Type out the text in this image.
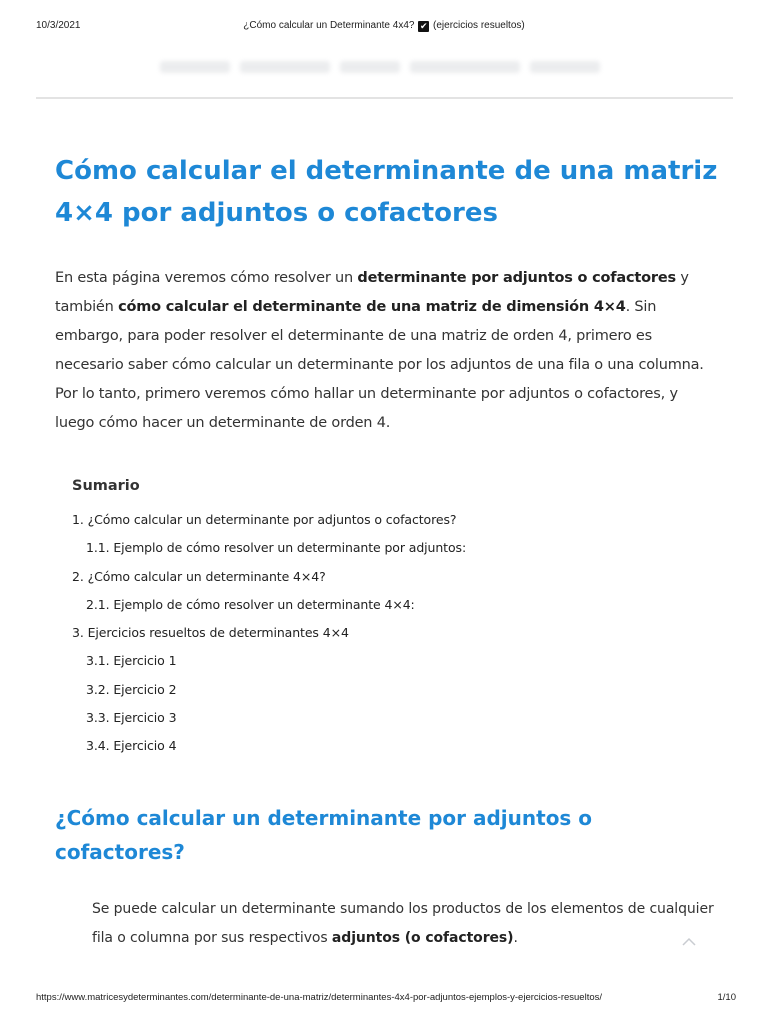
10/3/2021	¿Cómo calcular un Determinante 4x4? ✔ (ejercicios resueltos)
Cómo calcular el determinante de una matriz 4×4 por adjuntos o cofactores

En esta página veremos cómo resolver un determinante por adjuntos o cofactores y también cómo calcular el determinante de una matriz de dimensión 4×4. Sin embargo, para poder resolver el determinante de una matriz de orden 4, primero es necesario saber cómo calcular un determinante por los adjuntos de una fila o una columna. Por lo tanto, primero veremos cómo hallar un determinante por adjuntos o cofactores, y luego cómo hacer un determinante de orden 4.

Sumario
1. ¿Cómo calcular un determinante por adjuntos o cofactores?
1.1. Ejemplo de cómo resolver un determinante por adjuntos:
2. ¿Cómo calcular un determinante 4×4?
2.1. Ejemplo de cómo resolver un determinante 4×4:
3. Ejercicios resueltos de determinantes 4×4
3.1. Ejercicio 1
3.2. Ejercicio 2
3.3. Ejercicio 3
3.4. Ejercicio 4
¿Cómo calcular un determinante por adjuntos o cofactores?

Se puede calcular un determinante sumando los productos de los elementos de cualquier fila o columna por sus respectivos adjuntos (o cofactores).

https://www.matricesydeterminantes.com/determinante-de-una-matriz/determinantes-4x4-por-adjuntos-ejemplos-y-ejercicios-resueltos/	1/10
